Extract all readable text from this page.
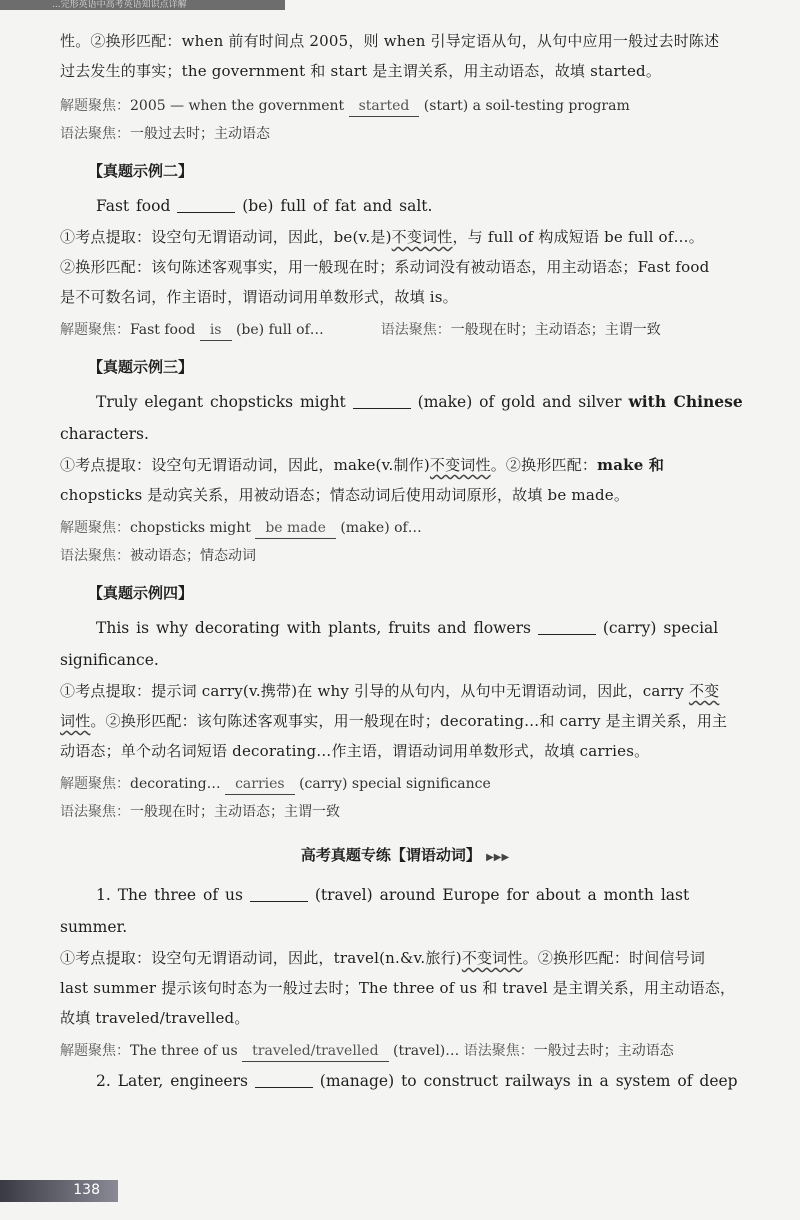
...完形英语中高考英语知识点详解

性。②换形匹配：when 前有时间点 2005，则 when 引导定语从句，从句中应用一般过去时陈述

过去发生的事实；the government 和 start 是主谓关系，用主动语态，故填 started。

解题聚焦：2005 — when the government started (start) a soil-testing program

语法聚焦：一般过去时；主动语态

【真题示例二】

Fast food	(be) full of fat and salt.

①考点提取：设空句无谓语动词，因此，be(v.是)不变词性，与 full of 构成短语 be full of…。

②换形匹配：该句陈述客观事实，用一般现在时；系动词没有被动语态，用主动语态；Fast food

是不可数名词，作主语时，谓语动词用单数形式，故填 is。

解题聚焦：Fast food is (be) full of…	语法聚焦：一般现在时；主动语态；主谓一致

【真题示例三】

Truly elegant chopsticks might	(make) of gold and silver with Chinese

characters.

①考点提取：设空句无谓语动词，因此，make(v.制作)不变词性。②换形匹配：make 和

chopsticks 是动宾关系，用被动语态；情态动词后使用动词原形，故填 be made。

解题聚焦：chopsticks might be made (make) of…

语法聚焦：被动语态；情态动词

【真题示例四】

This is why decorating with plants, fruits and flowers	(carry) special

significance.

①考点提取：提示词 carry(v.携带)在 why 引导的从句内，从句中无谓语动词，因此，carry 不变

词性。②换形匹配：该句陈述客观事实，用一般现在时；decorating…和 carry 是主谓关系，用主

动语态；单个动名词短语 decorating…作主语，谓语动词用单数形式，故填 carries。

解题聚焦：decorating… carries (carry) special significance

语法聚焦：一般现在时；主动语态；主谓一致

高考真题专练【谓语动词】 ▶▶▶

1. The three of us	(travel) around Europe for about a month last summer.

①考点提取：设空句无谓语动词，因此，travel(n.&v.旅行)不变词性。②换形匹配：时间信号词

last summer 提示该句时态为一般过去时；The three of us 和 travel 是主谓关系，用主动语态，

故填 traveled/travelled。

解题聚焦：The three of us traveled/travelled (travel)… 语法聚焦：一般过去时；主动语态

2. Later, engineers	(manage) to construct railways in a system of deep

138
